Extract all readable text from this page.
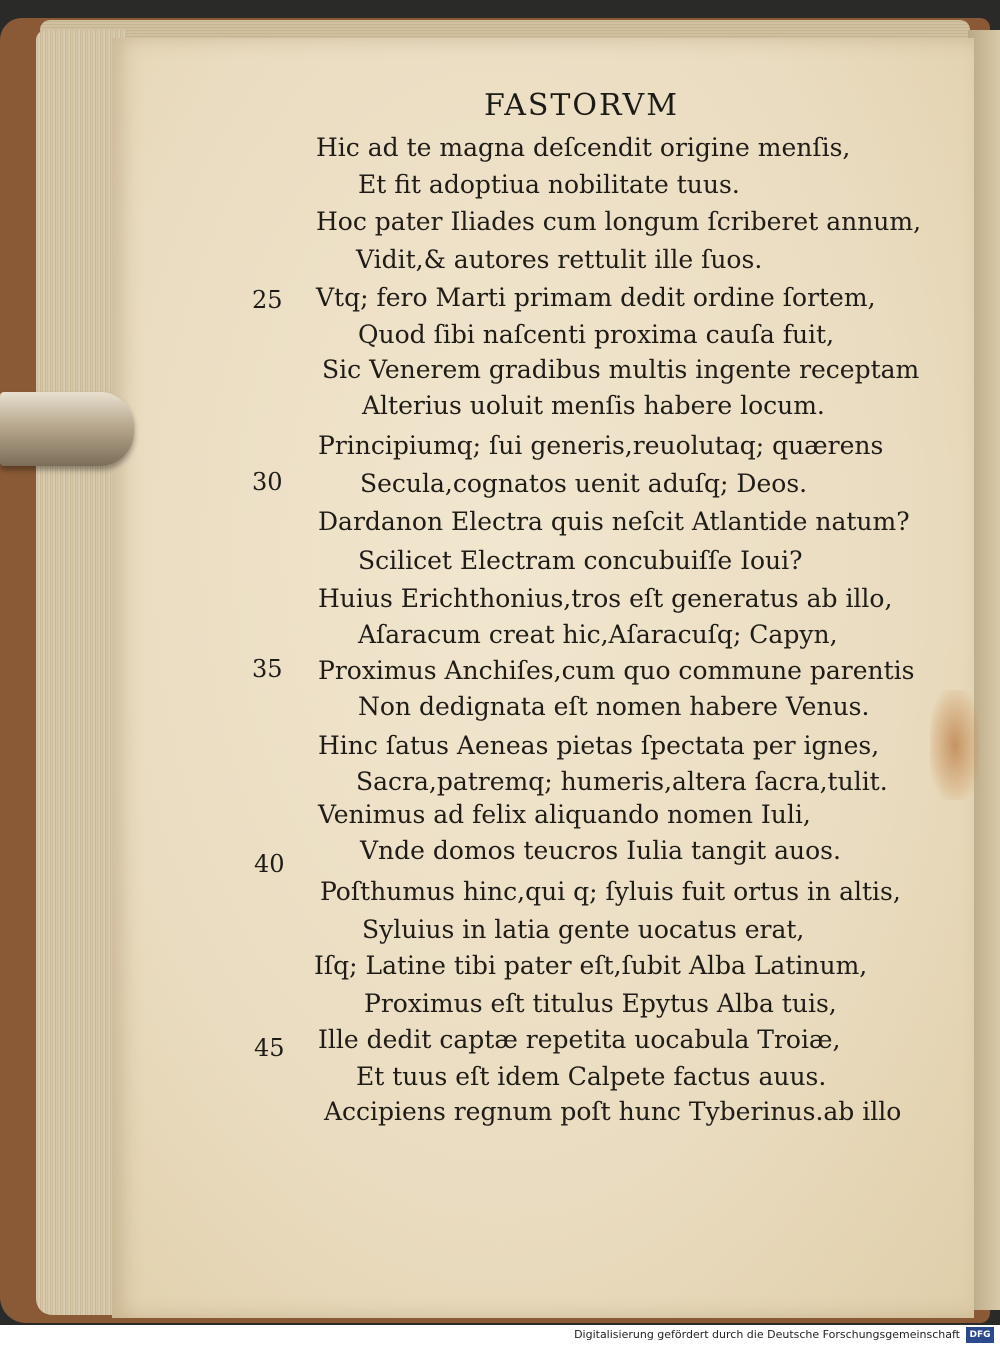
FASTORVM

Hic ad te magna deſcendit origine menſis,

Et fit adoptiua nobilitate tuus.

Hoc pater Iliades cum longum ſcriberet annum,

Vidit,& autores rettulit ille ſuos.

Vtq; fero Marti primam dedit ordine ſortem,

Quod ſibi naſcenti proxima cauſa fuit,

Sic Venerem gradibus multis ingente receptam

Alterius uoluit menſis habere locum.

Principiumq; ſui generis,reuolutaq; quærens

Secula,cognatos uenit aduſq; Deos.

Dardanon Electra quis neſcit Atlantide natum?

Scilicet Electram concubuiſſe Ioui?

Huius Erichthonius,tros eſt generatus ab illo,

Aſaracum creat hic,Aſaracuſq; Capyn,

Proximus Anchiſes,cum quo commune parentis

Non dedignata eſt nomen habere Venus.

Hinc ſatus Aeneas pietas ſpectata per ignes,

Sacra,patremq; humeris,altera ſacra,tulit.

Venimus ad felix aliquando nomen Iuli,

Vnde domos teucros Iulia tangit auos.

Poſthumus hinc,qui q; ſyluis fuit ortus in altis,

Syluius in latia gente uocatus erat,

Iſq; Latine tibi pater eſt,ſubit Alba Latinum,

Proximus eſt titulus Epytus Alba tuis,

Ille dedit captæ repetita uocabula Troiæ,

Et tuus eſt idem Calpete factus auus.

Accipiens regnum poſt hunc Tyberinus.ab illo

25

30

35

40

45

Digitalisierung gefördert durch die Deutsche Forschungsgemeinschaft	DFG
